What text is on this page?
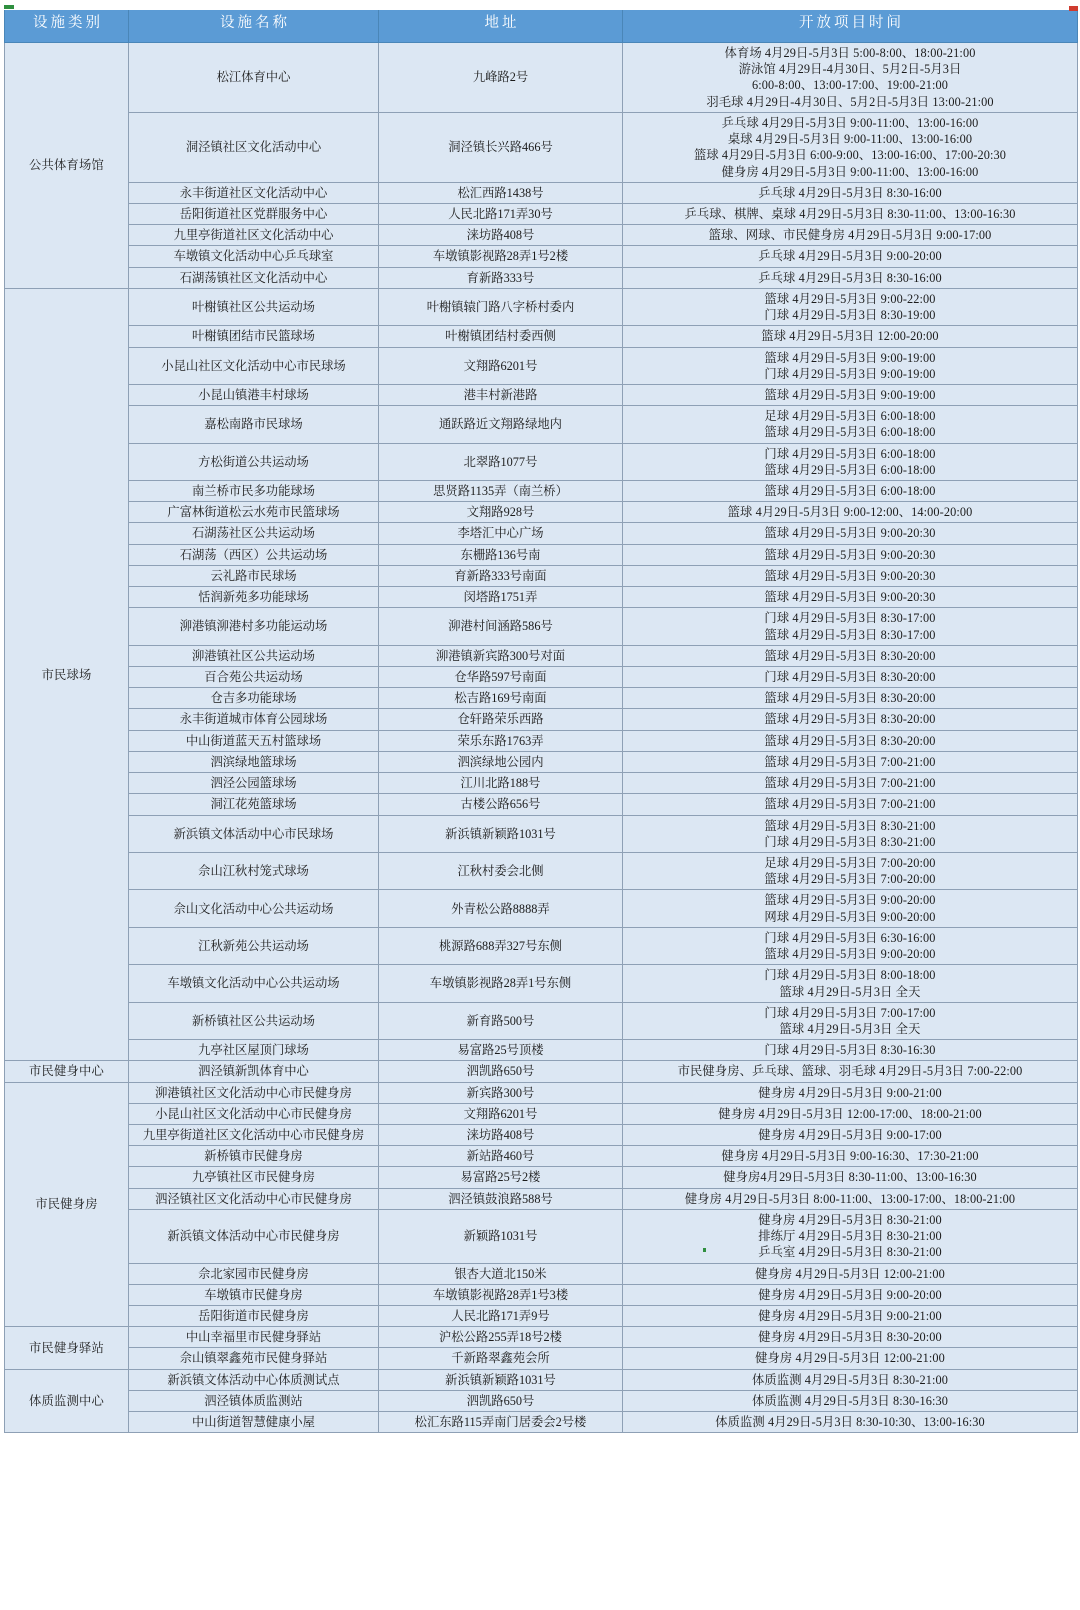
设施类别	设施名称	地址	开放项目时间
公共体育场馆	松江体育中心	九峰路2号	体育场 4月29日-5月3日 5:00-8:00、18:00-21:00
游泳馆 4月29日-4月30日、5月2日-5月3日
6:00-8:00、13:00-17:00、19:00-21:00
羽毛球 4月29日-4月30日、5月2日-5月3日 13:00-21:00

	洞泾镇社区文化活动中心	洞泾镇长兴路466号	乒乓球 4月29日-5月3日 9:00-11:00、13:00-16:00
桌球 4月29日-5月3日 9:00-11:00、13:00-16:00
篮球 4月29日-5月3日 6:00-9:00、13:00-16:00、17:00-20:30
健身房 4月29日-5月3日 9:00-11:00、13:00-16:00

	永丰街道社区文化活动中心	松汇西路1438号	乒乓球 4月29日-5月3日 8:30-16:00

	岳阳街道社区党群服务中心	人民北路171弄30号	乒乓球、棋牌、桌球 4月29日-5月3日 8:30-11:00、13:00-16:30

	九里亭街道社区文化活动中心	涞坊路408号	篮球、网球、市民健身房 4月29日-5月3日 9:00-17:00

	车墩镇文化活动中心乒乓球室	车墩镇影视路28弄1号2楼	乒乓球 4月29日-5月3日 9:00-20:00

	石湖荡镇社区文化活动中心	育新路333号	乒乓球 4月29日-5月3日 8:30-16:00

市民球场	叶榭镇社区公共运动场	叶榭镇辕门路八字桥村委内	篮球 4月29日-5月3日 9:00-22:00
门球 4月29日-5月3日 8:30-19:00

	叶榭镇团结市民篮球场	叶榭镇团结村委西侧	篮球 4月29日-5月3日 12:00-20:00

	小昆山社区文化活动中心市民球场	文翔路6201号	篮球 4月29日-5月3日 9:00-19:00
门球 4月29日-5月3日 9:00-19:00

	小昆山镇港丰村球场	港丰村新港路	篮球 4月29日-5月3日 9:00-19:00

	嘉松南路市民球场	通跃路近文翔路绿地内	足球 4月29日-5月3日 6:00-18:00
篮球 4月29日-5月3日 6:00-18:00

	方松街道公共运动场	北翠路1077号	门球 4月29日-5月3日 6:00-18:00
篮球 4月29日-5月3日 6:00-18:00

	南兰桥市民多功能球场	思贤路1135弄（南兰桥）	篮球 4月29日-5月3日 6:00-18:00

	广富林街道松云水苑市民篮球场	文翔路928号	篮球 4月29日-5月3日 9:00-12:00、14:00-20:00

	石湖荡社区公共运动场	李塔汇中心广场	篮球 4月29日-5月3日 9:00-20:30

	石湖荡（西区）公共运动场	东栅路136号南	篮球 4月29日-5月3日 9:00-20:30

	云礼路市民球场	育新路333号南面	篮球 4月29日-5月3日 9:00-20:30

	恬润新苑多功能球场	闵塔路1751弄	篮球 4月29日-5月3日 9:00-20:30

	泖港镇泖港村多功能运动场	泖港村间涵路586号	门球 4月29日-5月3日 8:30-17:00
篮球 4月29日-5月3日 8:30-17:00

	泖港镇社区公共运动场	泖港镇新宾路300号对面	篮球 4月29日-5月3日 8:30-20:00

	百合苑公共运动场	仓华路597号南面	门球 4月29日-5月3日 8:30-20:00

	仓吉多功能球场	松吉路169号南面	篮球 4月29日-5月3日 8:30-20:00

	永丰街道城市体育公园球场	仓轩路荣乐西路	篮球 4月29日-5月3日 8:30-20:00

	中山街道蓝天五村篮球场	荣乐东路1763弄	篮球 4月29日-5月3日 8:30-20:00

	泗滨绿地篮球场	泗滨绿地公园内	篮球 4月29日-5月3日 7:00-21:00

	泗泾公园篮球场	江川北路188号	篮球 4月29日-5月3日 7:00-21:00

	洞江花苑篮球场	古楼公路656号	篮球 4月29日-5月3日 7:00-21:00

	新浜镇文体活动中心市民球场	新浜镇新颖路1031号	篮球 4月29日-5月3日 8:30-21:00
门球 4月29日-5月3日 8:30-21:00

	佘山江秋村笼式球场	江秋村委会北侧	足球 4月29日-5月3日 7:00-20:00
篮球 4月29日-5月3日 7:00-20:00

	佘山文化活动中心公共运动场	外青松公路8888弄	篮球 4月29日-5月3日 9:00-20:00
网球 4月29日-5月3日 9:00-20:00

	江秋新苑公共运动场	桃源路688弄327号东侧	门球 4月29日-5月3日 6:30-16:00
篮球 4月29日-5月3日 9:00-20:00

	车墩镇文化活动中心公共运动场	车墩镇影视路28弄1号东侧	门球 4月29日-5月3日 8:00-18:00
篮球 4月29日-5月3日 全天

	新桥镇社区公共运动场	新育路500号	门球 4月29日-5月3日 7:00-17:00
篮球 4月29日-5月3日 全天

	九亭社区屋顶门球场	易富路25号顶楼	门球 4月29日-5月3日 8:30-16:30

市民健身中心	泗泾镇新凯体育中心	泗凯路650号	市民健身房、乒乓球、篮球、羽毛球 4月29日-5月3日 7:00-22:00

市民健身房	泖港镇社区文化活动中心市民健身房	新宾路300号	健身房 4月29日-5月3日 9:00-21:00

	小昆山社区文化活动中心市民健身房	文翔路6201号	健身房 4月29日-5月3日 12:00-17:00、18:00-21:00

	九里亭街道社区文化活动中心市民健身房	涞坊路408号	健身房 4月29日-5月3日 9:00-17:00

	新桥镇市民健身房	新站路460号	健身房 4月29日-5月3日 9:00-16:30、17:30-21:00

	九亭镇社区市民健身房	易富路25号2楼	健身房4月29日-5月3日 8:30-11:00、13:00-16:30

	泗泾镇社区文化活动中心市民健身房	泗泾镇鼓浪路588号	健身房 4月29日-5月3日 8:00-11:00、13:00-17:00、18:00-21:00

	新浜镇文体活动中心市民健身房	新颖路1031号	健身房 4月29日-5月3日 8:30-21:00
排练厅 4月29日-5月3日 8:30-21:00
乒乓室 4月29日-5月3日 8:30-21:00

	佘北家园市民健身房	银杏大道北150米	健身房 4月29日-5月3日 12:00-21:00

	车墩镇市民健身房	车墩镇影视路28弄1号3楼	健身房 4月29日-5月3日 9:00-20:00

	岳阳街道市民健身房	人民北路171弄9号	健身房 4月29日-5月3日 9:00-21:00

市民健身驿站	中山幸福里市民健身驿站	沪松公路255弄18号2楼	健身房 4月29日-5月3日 8:30-20:00

	佘山镇翠鑫苑市民健身驿站	千新路翠鑫苑会所	健身房 4月29日-5月3日 12:00-21:00

体质监测中心	新浜镇文体活动中心体质测试点	新浜镇新颖路1031号	体质监测 4月29日-5月3日 8:30-21:00

	泗泾镇体质监测站	泗凯路650号	体质监测 4月29日-5月3日 8:30-16:30

	中山街道智慧健康小屋	松汇东路115弄南门居委会2号楼	体质监测 4月29日-5月3日 8:30-10:30、13:00-16:30
